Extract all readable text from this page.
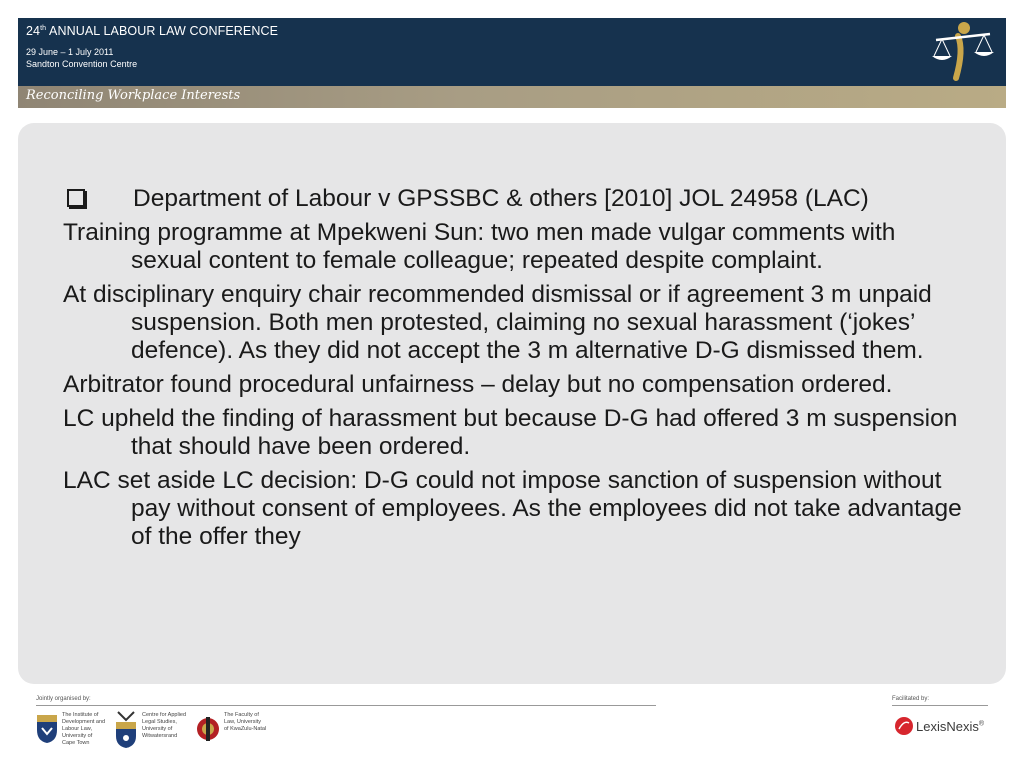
24th ANNUAL LABOUR LAW CONFERENCE
29 June – 1 July 2011
Sandton Convention Centre
Reconciling Workplace Interests
Department of Labour v GPSSBC & others [2010] JOL 24958 (LAC)
Training programme at Mpekweni Sun: two men made vulgar comments with sexual content to female colleague; repeated despite complaint.
At disciplinary enquiry chair recommended dismissal or if agreement 3 m unpaid suspension. Both men protested, claiming no sexual harassment (‘jokes’ defence). As they did not accept the 3 m alternative D-G dismissed them.
Arbitrator found procedural unfairness – delay but no compensation ordered.
LC upheld the finding of harassment but because D-G had offered 3 m suspension that should have been ordered.
LAC set aside LC decision: D-G could not impose sanction of suspension without pay without consent of employees. As the employees did not take advantage of the offer they
Jointly organised by:	Facilitated by:
The Institute of
Development and
Labour Law,
University of
Cape Town
Centre for Applied
Legal Studies,
University of
Witwatersrand
The Faculty of
Law, University
of KwaZulu-Natal	LexisNexis®
